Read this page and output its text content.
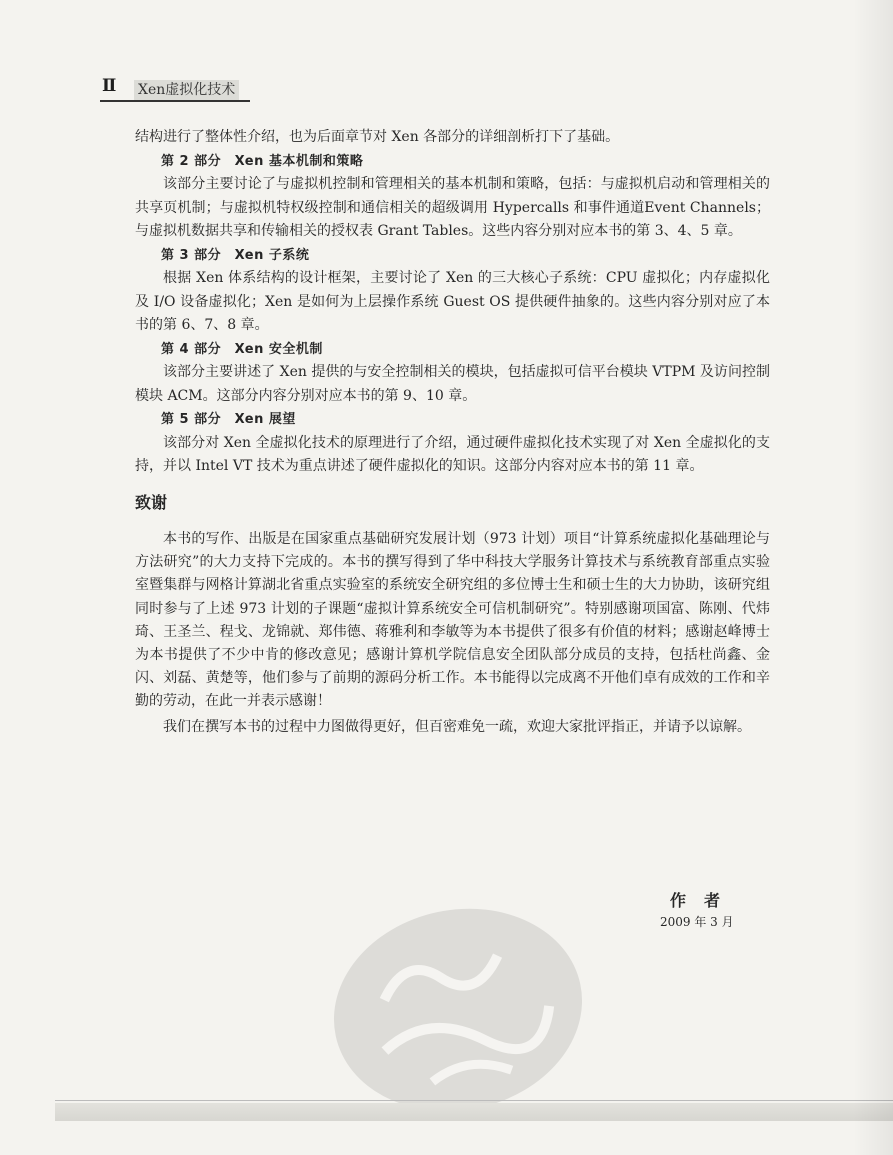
Ⅱ Xen虚拟化技术

结构进行了整体性介绍，也为后面章节对 Xen 各部分的详细剖析打下了基础。

第 2 部分　Xen 基本机制和策略

该部分主要讨论了与虚拟机控制和管理相关的基本机制和策略，包括：与虚拟机启动和管理相关的共享页机制；与虚拟机特权级控制和通信相关的超级调用 Hypercalls 和事件通道Event Channels；与虚拟机数据共享和传输相关的授权表 Grant Tables。这些内容分别对应本书的第 3、4、5 章。

第 3 部分　Xen 子系统

根据 Xen 体系结构的设计框架，主要讨论了 Xen 的三大核心子系统：CPU 虚拟化；内存虚拟化及 I/O 设备虚拟化；Xen 是如何为上层操作系统 Guest OS 提供硬件抽象的。这些内容分别对应了本书的第 6、7、8 章。

第 4 部分　Xen 安全机制

该部分主要讲述了 Xen 提供的与安全控制相关的模块，包括虚拟可信平台模块 VTPM 及访问控制模块 ACM。这部分内容分别对应本书的第 9、10 章。

第 5 部分　Xen 展望

该部分对 Xen 全虚拟化技术的原理进行了介绍，通过硬件虚拟化技术实现了对 Xen 全虚拟化的支持，并以 Intel VT 技术为重点讲述了硬件虚拟化的知识。这部分内容对应本书的第 11 章。

致谢

本书的写作、出版是在国家重点基础研究发展计划（973 计划）项目“计算系统虚拟化基础理论与方法研究”的大力支持下完成的。本书的撰写得到了华中科技大学服务计算技术与系统教育部重点实验室暨集群与网格计算湖北省重点实验室的系统安全研究组的多位博士生和硕士生的大力协助，该研究组同时参与了上述 973 计划的子课题“虚拟计算系统安全可信机制研究”。特别感谢项国富、陈刚、代炜琦、王圣兰、程戈、龙锦就、郑伟德、蒋雅利和李敏等为本书提供了很多有价值的材料；感谢赵峰博士为本书提供了不少中肯的修改意见；感谢计算机学院信息安全团队部分成员的支持，包括杜尚鑫、金闪、刘磊、黄楚等，他们参与了前期的源码分析工作。本书能得以完成离不开他们卓有成效的工作和辛勤的劳动，在此一并表示感谢！

我们在撰写本书的过程中力图做得更好，但百密难免一疏，欢迎大家批评指正，并请予以谅解。

作者
2009 年 3 月
